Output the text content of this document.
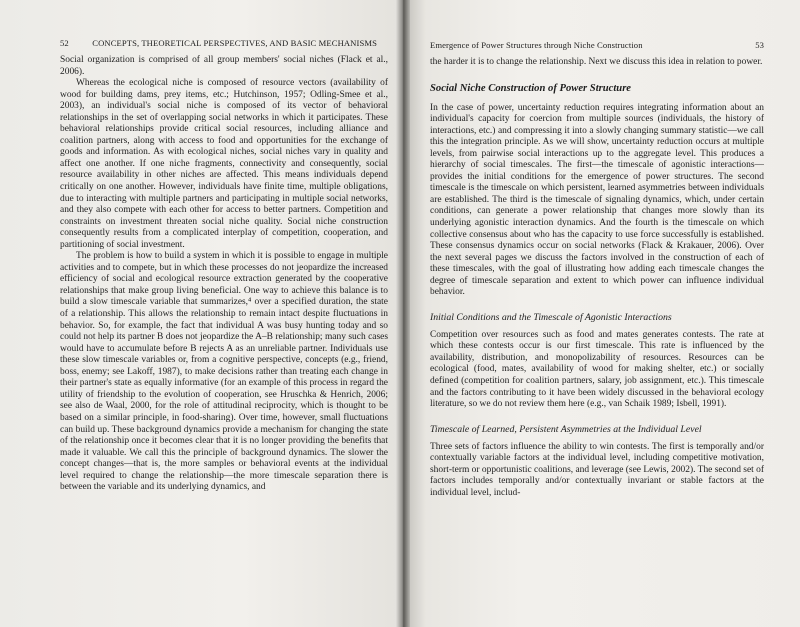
52	CONCEPTS, THEORETICAL PERSPECTIVES, AND BASIC MECHANISMS

Social organization is comprised of all group members' social niches (Flack et al., 2006).

Whereas the ecological niche is composed of resource vectors (availability of wood for building dams, prey items, etc.; Hutchinson, 1957; Odling-Smee et al., 2003), an individual's social niche is composed of its vector of behavioral relationships in the set of overlapping social networks in which it participates. These behavioral relationships provide critical social resources, including alliance and coalition partners, along with access to food and opportunities for the exchange of goods and information. As with ecological niches, social niches vary in quality and affect one another. If one niche fragments, connectivity and consequently, social resource availability in other niches are affected. This means individuals depend critically on one another. However, individuals have finite time, multiple obligations, due to interacting with multiple partners and participating in multiple social networks, and they also compete with each other for access to better partners. Competition and constraints on investment threaten social niche quality. Social niche construction consequently results from a complicated interplay of competition, cooperation, and partitioning of social investment.

The problem is how to build a system in which it is possible to engage in multiple activities and to compete, but in which these processes do not jeopardize the increased efficiency of social and ecological resource extraction generated by the cooperative relationships that make group living beneficial. One way to achieve this balance is to build a slow timescale variable that summarizes,⁴ over a specified duration, the state of a relationship. This allows the relationship to remain intact despite fluctuations in behavior. So, for example, the fact that individual A was busy hunting today and so could not help its partner B does not jeopardize the A–B relationship; many such cases would have to accumulate before B rejects A as an unreliable partner. Individuals use these slow timescale variables or, from a cognitive perspective, concepts (e.g., friend, boss, enemy; see Lakoff, 1987), to make decisions rather than treating each change in their partner's state as equally informative (for an example of this process in regard the utility of friendship to the evolution of cooperation, see Hruschka & Henrich, 2006; see also de Waal, 2000, for the role of attitudinal reciprocity, which is thought to be based on a similar principle, in food-sharing). Over time, however, small fluctuations can build up. These background dynamics provide a mechanism for changing the state of the relationship once it becomes clear that it is no longer providing the benefits that made it valuable. We call this the principle of background dynamics. The slower the concept changes—that is, the more samples or behavioral events at the individual level required to change the relationship—the more timescale separation there is between the variable and its underlying dynamics, and

Emergence of Power Structures through Niche Construction	53

the harder it is to change the relationship. Next we discuss this idea in relation to power.

Social Niche Construction of Power Structure

In the case of power, uncertainty reduction requires integrating information about an individual's capacity for coercion from multiple sources (individuals, the history of interactions, etc.) and compressing it into a slowly changing summary statistic—we call this the integration principle. As we will show, uncertainty reduction occurs at multiple levels, from pairwise social interactions up to the aggregate level. This produces a hierarchy of social timescales. The first—the timescale of agonistic interactions—provides the initial conditions for the emergence of power structures. The second timescale is the timescale on which persistent, learned asymmetries between individuals are established. The third is the timescale of signaling dynamics, which, under certain conditions, can generate a power relationship that changes more slowly than its underlying agonistic interaction dynamics. And the fourth is the timescale on which collective consensus about who has the capacity to use force successfully is established. These consensus dynamics occur on social networks (Flack & Krakauer, 2006). Over the next several pages we discuss the factors involved in the construction of each of these timescales, with the goal of illustrating how adding each timescale changes the degree of timescale separation and extent to which power can influence individual behavior.

Initial Conditions and the Timescale of Agonistic Interactions

Competition over resources such as food and mates generates contests. The rate at which these contests occur is our first timescale. This rate is influenced by the availability, distribution, and monopolizability of resources. Resources can be ecological (food, mates, availability of wood for making shelter, etc.) or socially defined (competition for coalition partners, salary, job assignment, etc.). This timescale and the factors contributing to it have been widely discussed in the behavioral ecology literature, so we do not review them here (e.g., van Schaik 1989; Isbell, 1991).

Timescale of Learned, Persistent Asymmetries at the Individual Level

Three sets of factors influence the ability to win contests. The first is temporally and/or contextually variable factors at the individual level, including competitive motivation, short-term or opportunistic coalitions, and leverage (see Lewis, 2002). The second set of factors includes temporally and/or contextually invariant or stable factors at the individual level, includ-
